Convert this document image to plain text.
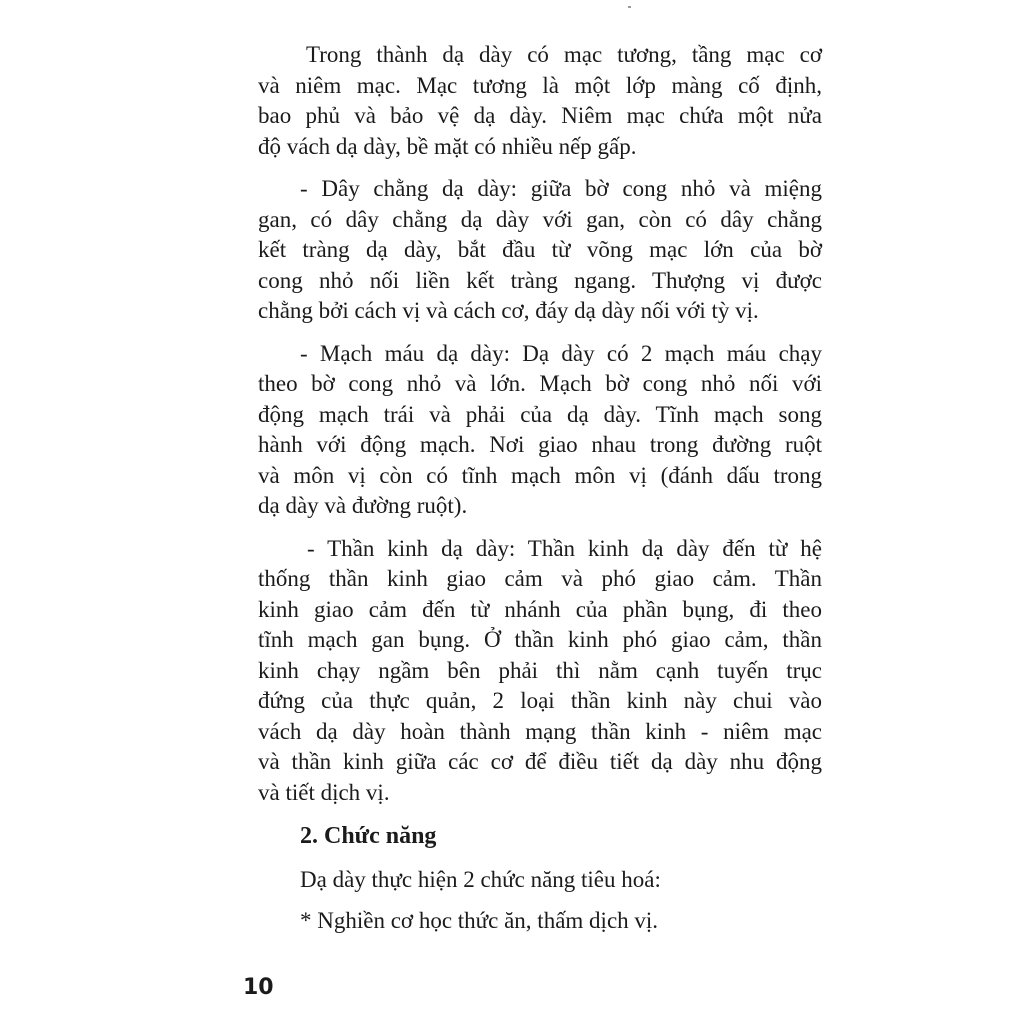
Trong thành dạ dày có mạc tương, tầng mạc cơ
và niêm mạc. Mạc tương là một lớp màng cố định,
bao phủ và bảo vệ dạ dày. Niêm mạc chứa một nửa
độ vách dạ dày, bề mặt có nhiều nếp gấp.
- Dây chằng dạ dày: giữa bờ cong nhỏ và miệng
gan, có dây chằng dạ dày với gan, còn có dây chằng
kết tràng dạ dày, bắt đầu từ võng mạc lớn của bờ
cong nhỏ nối liền kết tràng ngang. Thượng vị được
chằng bởi cách vị và cách cơ, đáy dạ dày nối với tỳ vị.
- Mạch máu dạ dày: Dạ dày có 2 mạch máu chạy
theo bờ cong nhỏ và lớn. Mạch bờ cong nhỏ nối với
động mạch trái và phải của dạ dày. Tĩnh mạch song
hành với động mạch. Nơi giao nhau trong đường ruột
và môn vị còn có tĩnh mạch môn vị (đánh dấu trong
dạ dày và đường ruột).
- Thần kinh dạ dày: Thần kinh dạ dày đến từ hệ
thống thần kinh giao cảm và phó giao cảm. Thần
kinh giao cảm đến từ nhánh của phần bụng, đi theo
tĩnh mạch gan bụng. Ở thần kinh phó giao cảm, thần
kinh chạy ngầm bên phải thì nằm cạnh tuyến trục
đứng của thực quản, 2 loại thần kinh này chui vào
vách dạ dày hoàn thành mạng thần kinh - niêm mạc
và thần kinh giữa các cơ để điều tiết dạ dày nhu động
và tiết dịch vị.
2. Chức năng
Dạ dày thực hiện 2 chức năng tiêu hoá:
* Nghiền cơ học thức ăn, thấm dịch vị.
10
